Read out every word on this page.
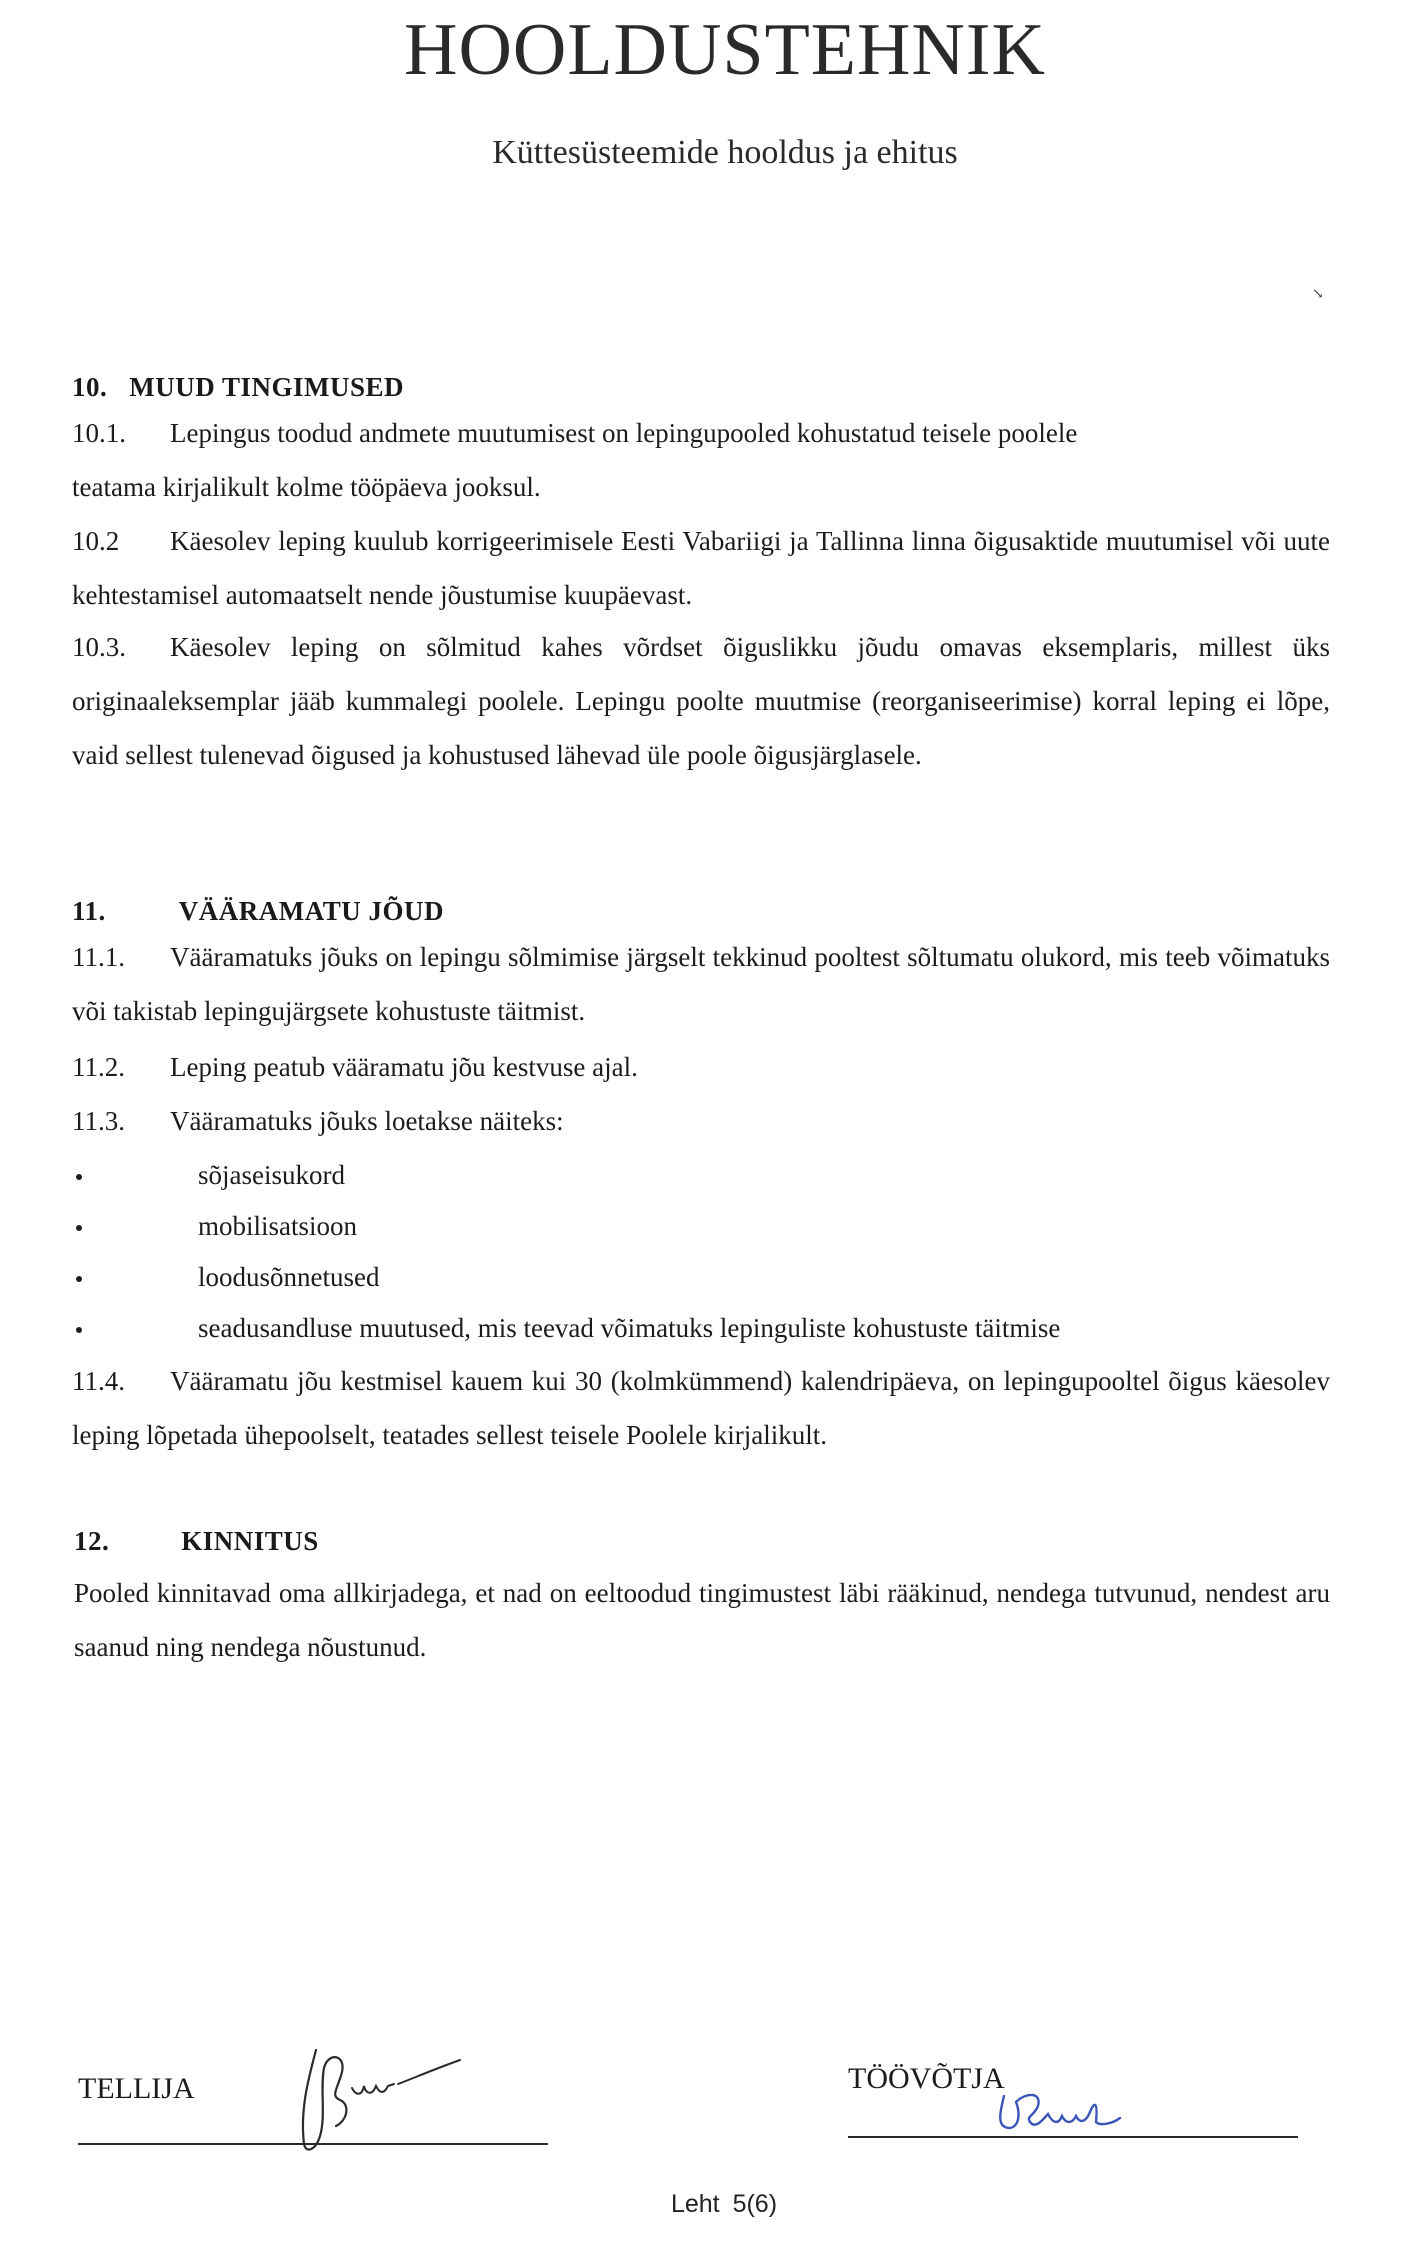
HOOLDUSTEHNIK
Küttesüsteemide hooldus ja ehitus
↘
10. MUUD TINGIMUSED
10.1. Lepingus toodud andmete muutumisest on lepingupooled kohustatud teisele poolele teatama kirjalikult kolme tööpäeva jooksul.
10.2 Käesolev leping kuulub korrigeerimisele Eesti Vabariigi ja Tallinna linna õigusaktide muutumisel või uute kehtestamisel automaatselt nende jõustumise kuupäevast.
10.3. Käesolev leping on sõlmitud kahes võrdset õiguslikku jõudu omavas eksemplaris, millest üks originaaleksemplar jääb kummalegi poolele. Lepingu poolte muutmise (reorganiseerimise) korral leping ei lõpe, vaid sellest tulenevad õigused ja kohustused lähevad üle poole õigusjärglasele.
11.	VÄÄRAMATU JÕUD
11.1. Vääramatuks jõuks on lepingu sõlmimise järgselt tekkinud pooltest sõltumatu olukord, mis teeb võimatuks või takistab lepingujärgsete kohustuste täitmist.
11.2. Leping peatub vääramatu jõu kestvuse ajal.
11.3. Vääramatuks jõuks loetakse näiteks:
sõjaseisukord
mobilisatsioon
loodusõnnetused
seadusandluse muutused, mis teevad võimatuks lepinguliste kohustuste täitmise
11.4. Vääramatu jõu kestmisel kauem kui 30 (kolmkümmend) kalendripäeva, on lepingupooltel õigus käesolev leping lõpetada ühepoolselt, teatades sellest teisele Poolele kirjalikult.
12.	KINNITUS
Pooled kinnitavad oma allkirjadega, et nad on eeltoodud tingimustest läbi rääkinud, nendega tutvunud, nendest aru saanud ning nendega nõustunud.
TELLIJA	TÖÖVÕTJA
Leht 5(6)
